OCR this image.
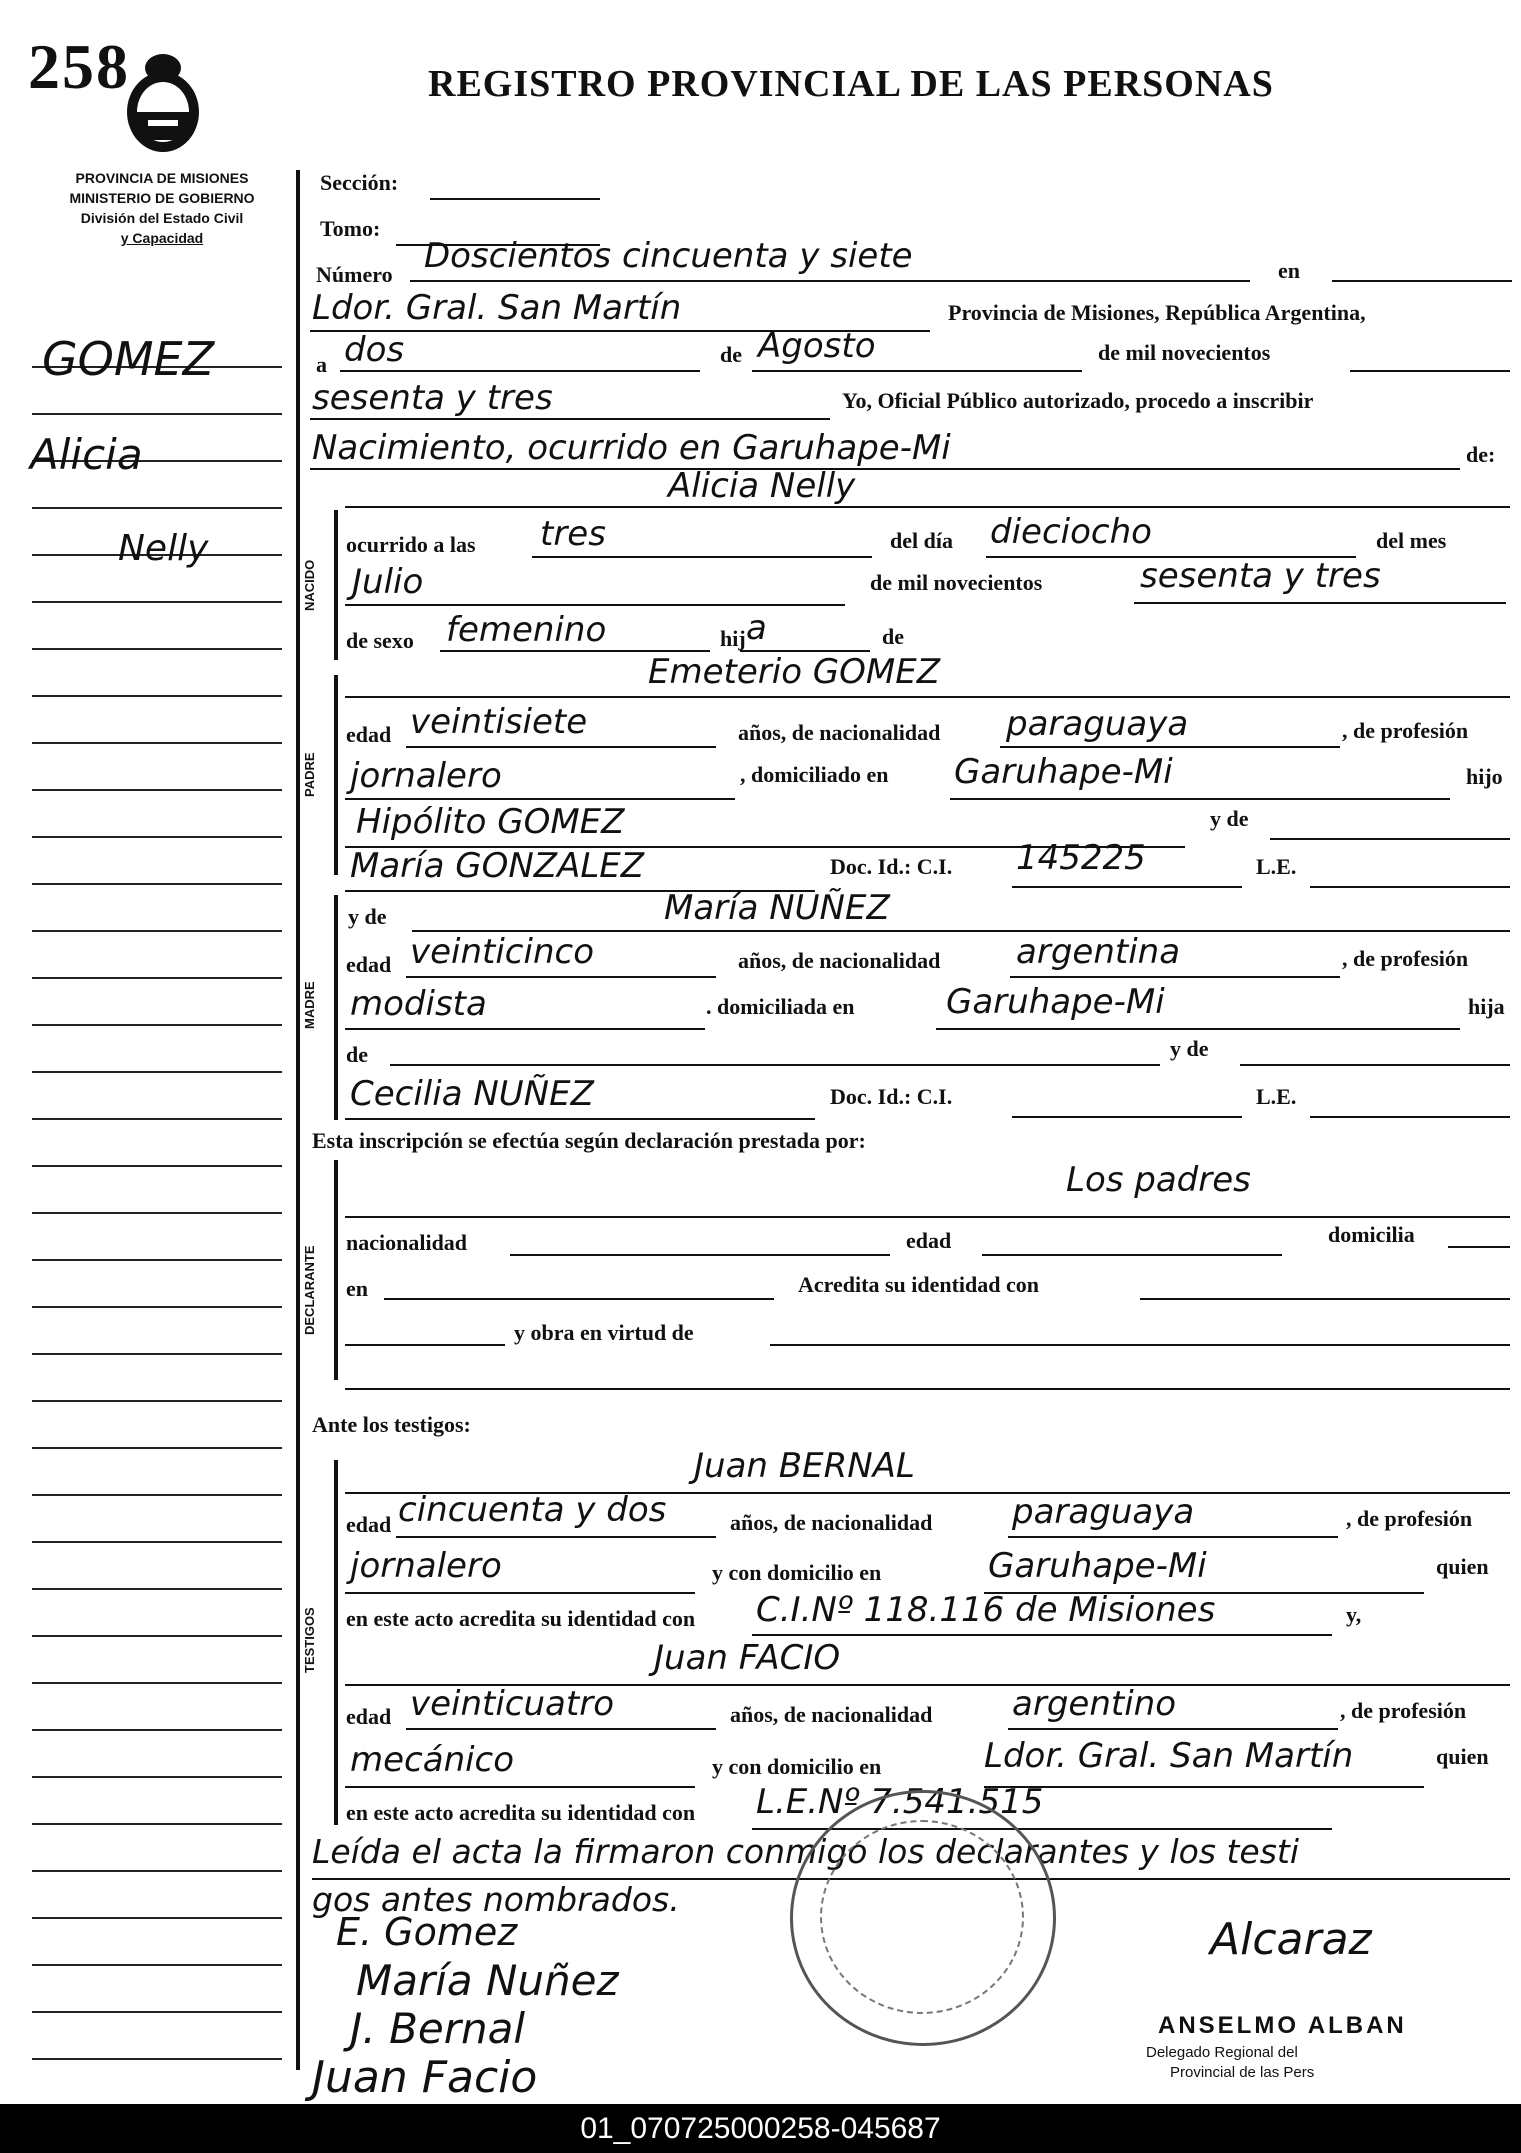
258	REGISTRO PROVINCIAL DE LAS PERSONAS
PROVINCIA DE MISIONES
MINISTERIO DE GOBIERNO
División del Estado Civil
y Capacidad
GOMEZ
Alicia
Nelly
NACIDO
PADRE
MADRE
DECLARANTE
TESTIGOS
Sección:
Tomo:
Número Doscientos cincuenta y siete	en
Ldor. Gral. San Martín	Provincia de Misiones, República Argentina,
a dos	de Agosto	de mil novecientos
sesenta y tres	Yo, Oficial Público autorizado, procedo a inscribir
Nacimiento, ocurrido en Garuhape-Mi	de:
Alicia Nelly
ocurrido a las tres	del día dieciocho	del mes
Julio	de mil novecientos	sesenta y tres
de sexo femenino	hij a	de
Emeterio GOMEZ
edad veintisiete	años, de nacionalidad paraguaya	, de profesión
jornalero	, domiciliado en Garuhape-Mi	hijo
Hipólito GOMEZ	y de
María GONZALEZ	Doc. Id.: C.I. 145225	L.E.
y de	María NUÑEZ
edad veinticinco	años, de nacionalidad argentina	, de profesión
modista	. domiciliada en	Garuhape-Mi	hija
de	y de
Cecilia NUÑEZ	Doc. Id.: C.I.	L.E.
Esta inscripción se efectúa según declaración prestada por:
Los padres
nacionalidad	edad	domicilia
en	Acredita su identidad con
y obra en virtud de
Ante los testigos:
Juan BERNAL
edad cincuenta y dos	años, de nacionalidad paraguaya	, de profesión
jornalero	y con domicilio en	Garuhape-Mi	quien
en este acto acredita su identidad con C.I.Nº 118.116 de Misiones	y,
Juan FACIO
edad veinticuatro	años, de nacionalidad argentino	, de profesión
mecánico	y con domicilio en	Ldor. Gral. San Martín	quien
en este acto acredita su identidad con L.E.Nº 7.541.515
Leída el acta la firmaron conmigo los declarantes y los testi
gos antes nombrados.
E. Gomez
María Nuñez
J. Bernal
Juan Facio
Alcaraz
ANSELMO ALBAN
Delegado Regional del
Provincial de las Pers
01_070725000258-045687
